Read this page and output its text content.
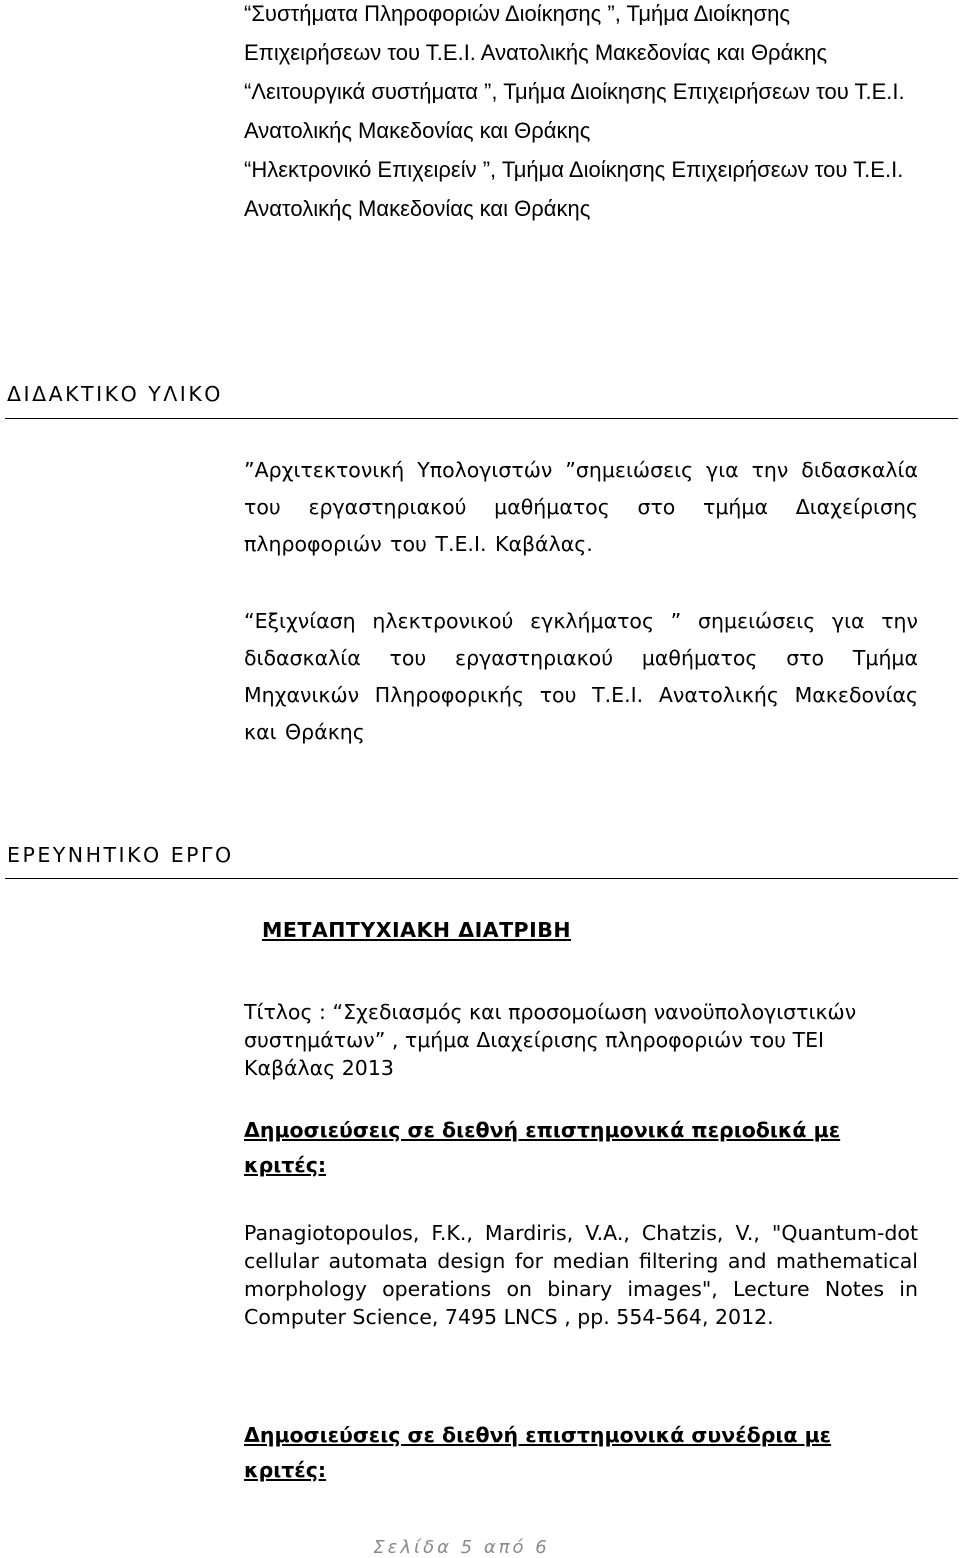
“Συστήματα Πληροφοριών Διοίκησης ”, Τμήμα Διοίκησης Επιχειρήσεων του Τ.Ε.Ι. Ανατολικής Μακεδονίας και Θράκης

“Λειτουργικά συστήματα ”, Τμήμα Διοίκησης Επιχειρήσεων του Τ.Ε.Ι. Ανατολικής Μακεδονίας και Θράκης

“Ηλεκτρονικό Επιχειρείν ”, Τμήμα Διοίκησης Επιχειρήσεων του Τ.Ε.Ι. Ανατολικής Μακεδονίας και Θράκης

ΔΙΔΑΚΤΙΚΟ ΥΛΙΚΟ

”Αρχιτεκτονική Υπολογιστών ”σημειώσεις για την διδασκαλία του εργαστηριακού μαθήματος στο τμήμα Διαχείρισης πληροφοριών του Τ.Ε.Ι. Καβάλας.

“Εξιχνίαση ηλεκτρονικού εγκλήματος ” σημειώσεις για την διδασκαλία του εργαστηριακού μαθήματος στο Τμήμα Μηχανικών Πληροφορικής του Τ.Ε.Ι. Ανατολικής Μακεδονίας και Θράκης

ΕΡΕΥΝΗΤΙΚΟ ΕΡΓΟ

ΜΕΤΑΠΤΥΧΙΑΚΗ ΔΙΑΤΡΙΒΗ

Τίτλος : “Σχεδιασμός και προσομοίωση νανοϋπολογιστικών συστημάτων” , τμήμα Διαχείρισης πληροφοριών του ΤΕΙ Καβάλας 2013

Δημοσιεύσεις σε διεθνή επιστημονικά περιοδικά με κριτές:

Panagiotopoulos, F.K., Mardiris, V.A., Chatzis, V., "Quantum-dot cellular automata design for median filtering and mathematical morphology operations on binary images", Lecture Notes in Computer Science, 7495 LNCS , pp. 554-564, 2012.

Δημοσιεύσεις σε διεθνή επιστημονικά συνέδρια με κριτές:

Σελίδα 5 από 6
